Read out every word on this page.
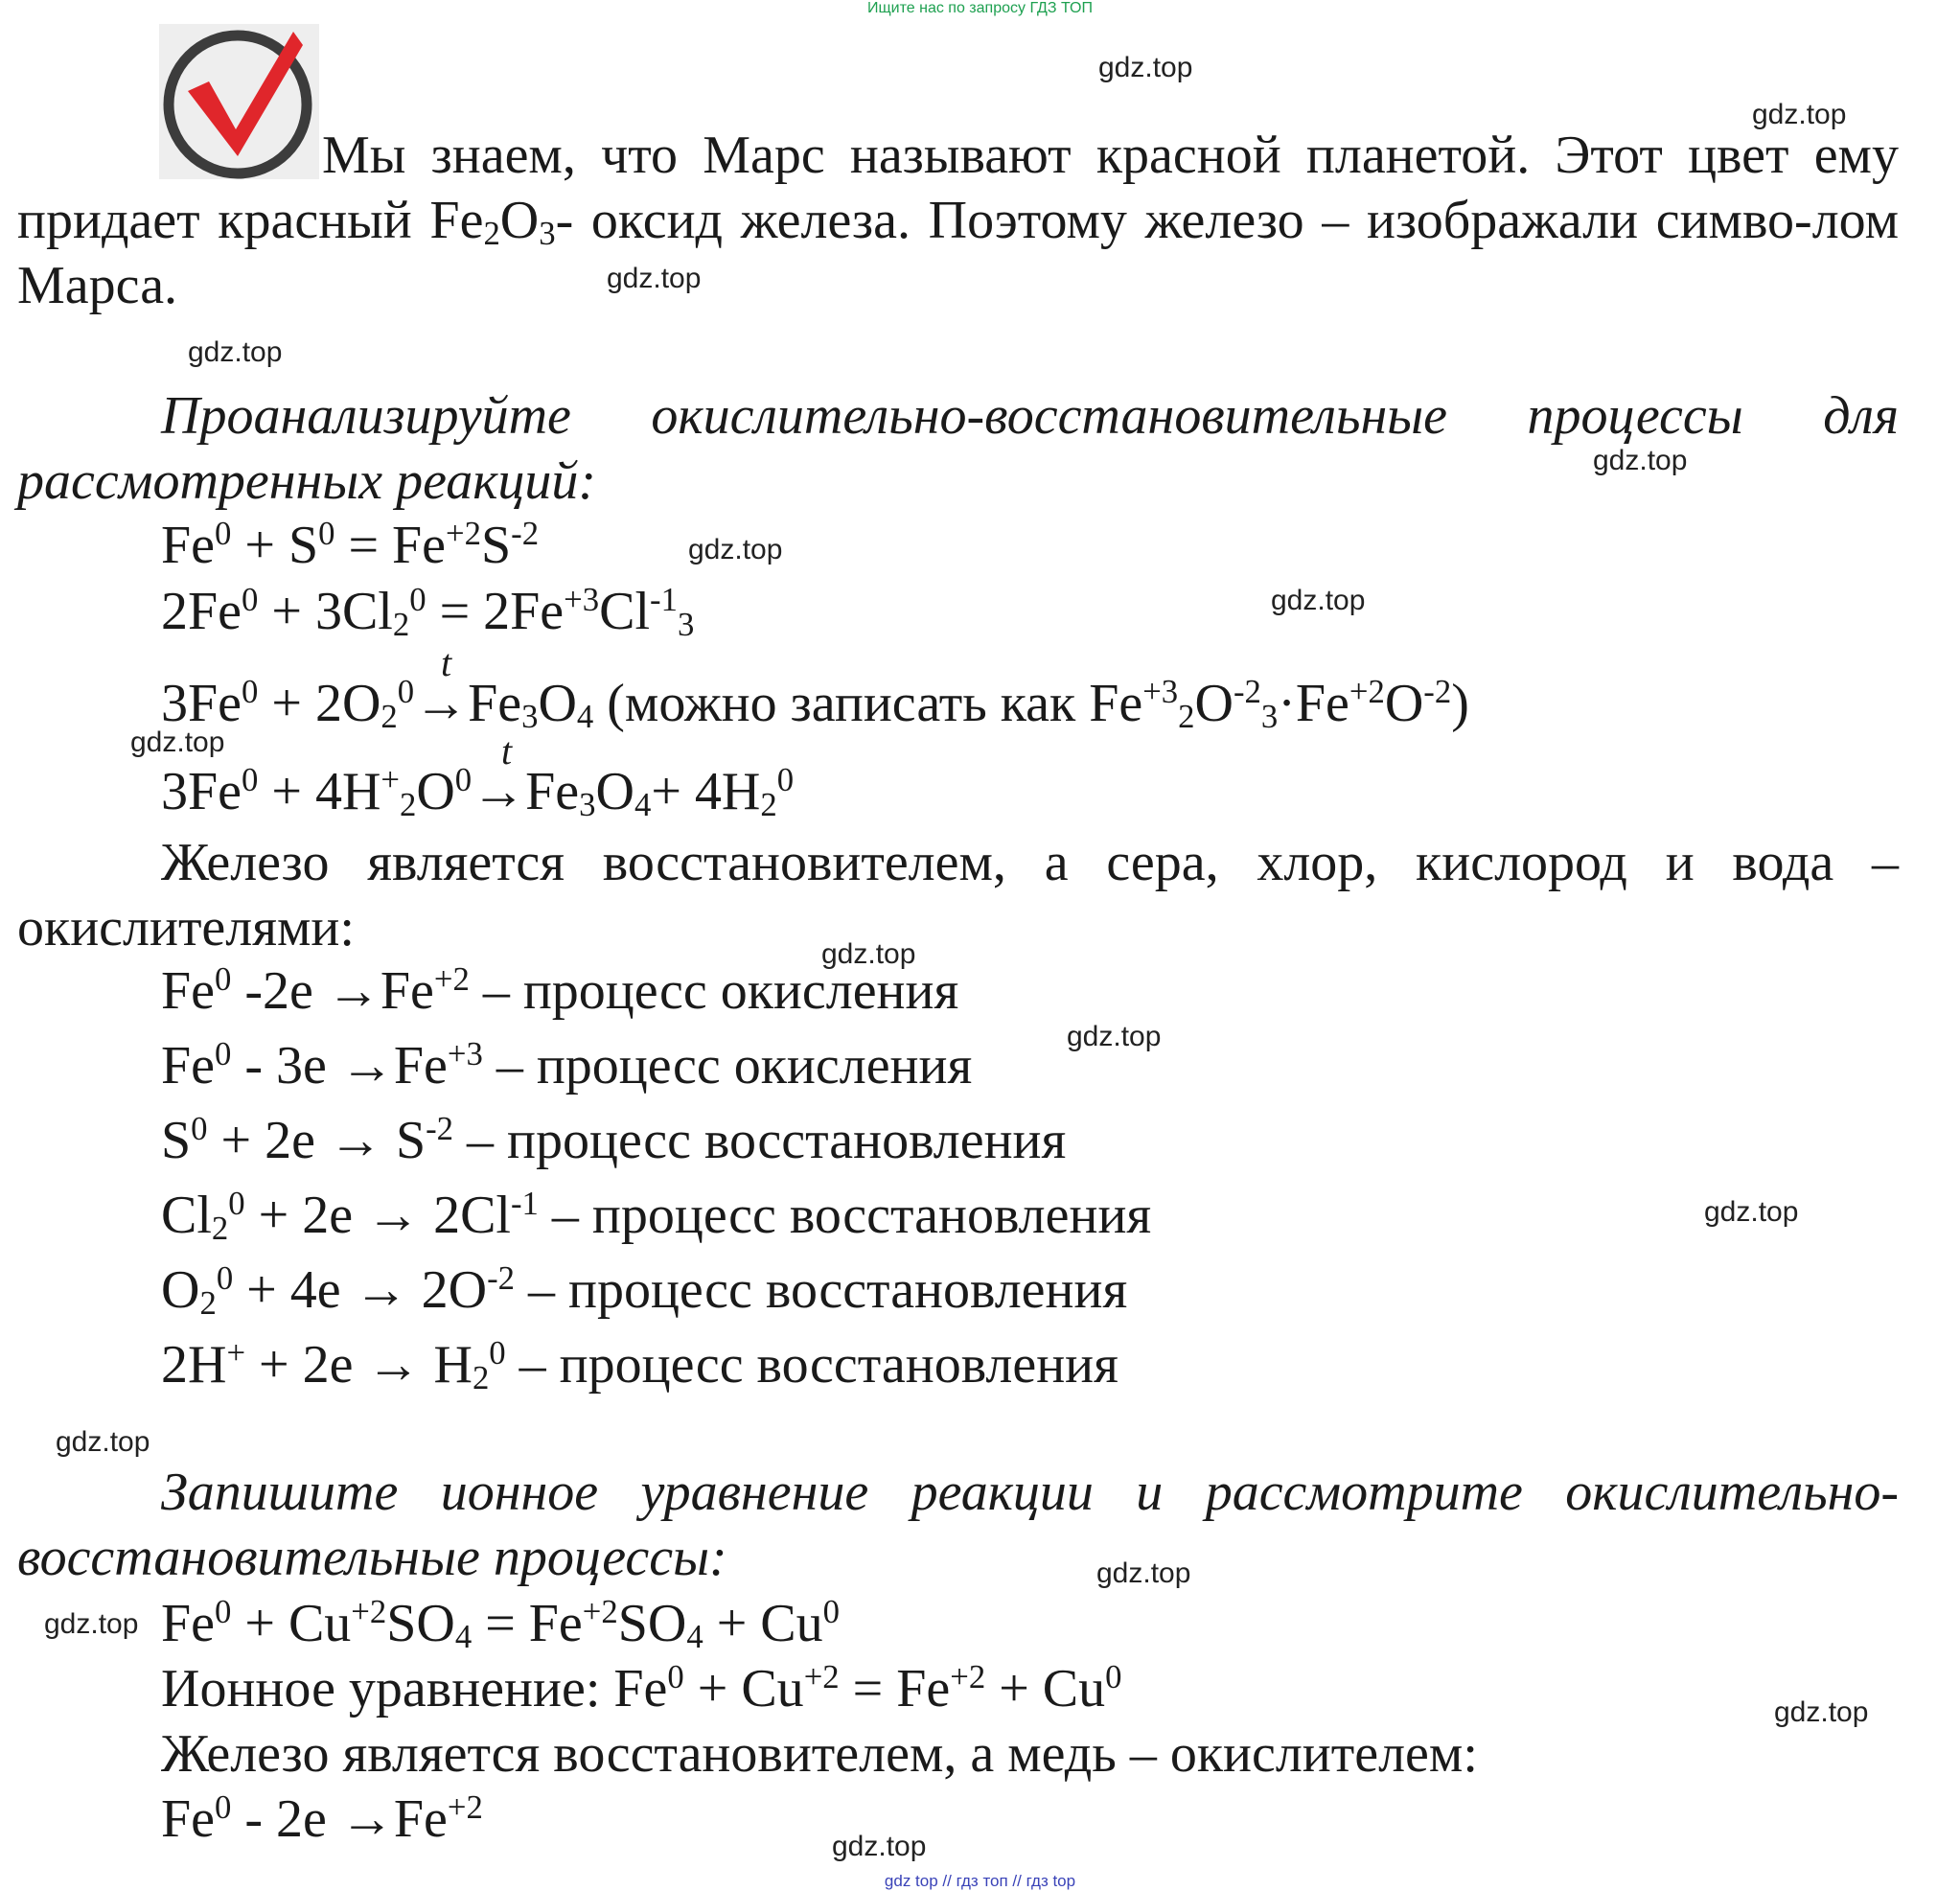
Ищите нас по запросу ГДЗ ТОП
gdz.top
gdz.top
gdz.top
gdz.top
gdz.top
gdz.top
gdz.top
gdz.top
gdz.top
gdz.top
gdz.top
gdz.top
gdz.top
gdz.top
gdz.top
gdz.top
Мы знаем, что Марс называют красной планетой. Этот цвет ему придает красный $Fe_2O_3-$ оксид железа. Поэтому железо – изображали симво-лом Марса.
Проанализируйте окислительно-восстановительные процессы для рассмотренных реакций:
$Fe^0 + S^0 = Fe^{+2}S^{-2}$
$2Fe^0 + 3Cl_2^0 = 2Fe^{+3}Cl^{-1}_3$
t
$3Fe^0 + 2O_2^0\to Fe_3O_4$ (можно записать как $Fe^{+3}_2O^{-2}_3\cdot Fe^{+2}O^{-2}$)
t
$3Fe^0 + 4H^+_2O^0\to Fe_3O_4+ 4H_2^0$
Железо является восстановителем, а сера, хлор, кислород и вода – окислителями:
Fe$^0$ $-2e \to Fe^{+2}$ – процесс окисления
$Fe^0 - 3e \to Fe^{+3}$ – процесс окисления
$S^0 + 2e \to S^{-2}$ – процесс восстановления
$Cl_2^0 + 2e \to 2Cl^{-1}$ – процесс восстановления
$O_2^0 + 4e \to 2O^{-2}$ – процесс восстановления
$2H^+ + 2e \to H_2^0$ – процесс восстановления
Запишите ионное уравнение реакции и рассмотрите окислительно-восстановительные процессы:
$Fe^0 + Cu^{+2}SO_4 = Fe^{+2}SO_4 + Cu^0$
Ионное уравнение: $Fe^0 + Cu^{+2} = Fe^{+2} + Cu^0$
Железо является восстановителем, а медь – окислителем:
$Fe^0 - 2e \to Fe^{+2}$
gdz top // гдз топ // гдз top
